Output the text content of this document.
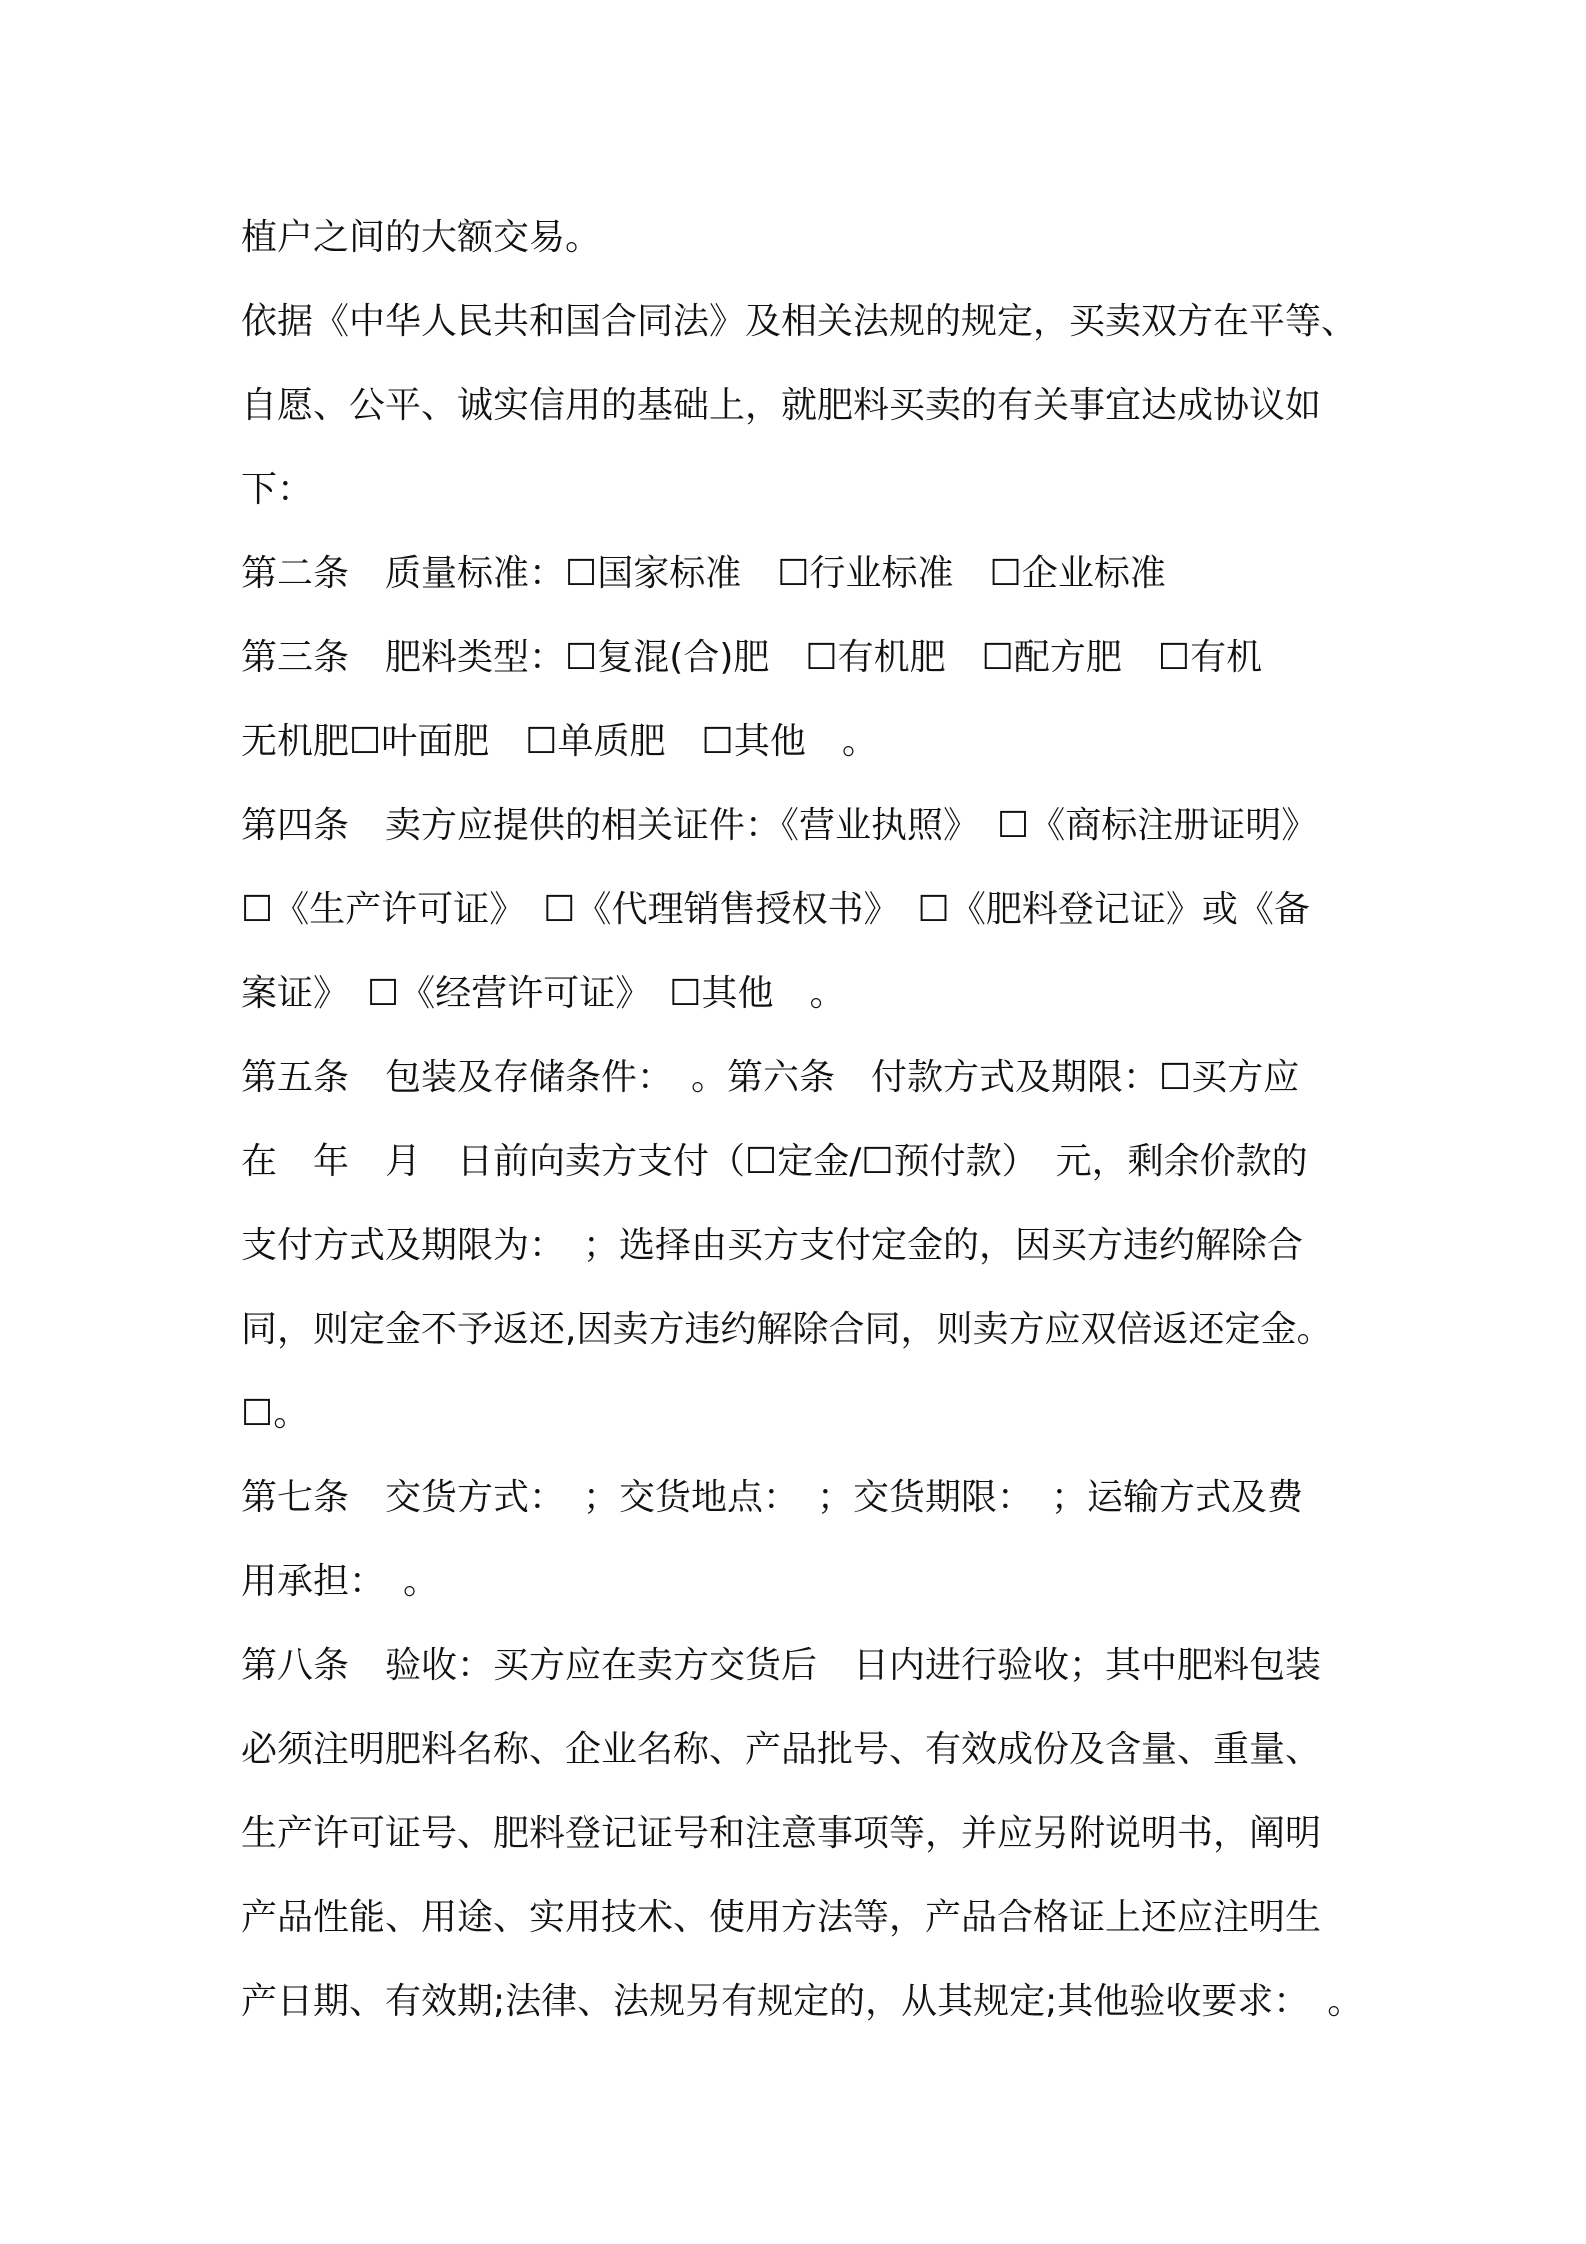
植户之间的大额交易。
依据《中华人民共和国合同法》及相关法规的规定，买卖双方在平等、
自愿、公平、诚实信用的基础上，就肥料买卖的有关事宜达成协议如
下：
第二条　质量标准：☐国家标准　☐行业标准　☐企业标准
第三条　肥料类型：☐复混(合)肥　☐有机肥　☐配方肥　☐有机
无机肥☐叶面肥　☐单质肥　☐其他　。
第四条　卖方应提供的相关证件：《营业执照》　☐《商标注册证明》
☐《生产许可证》　☐《代理销售授权书》　☐《肥料登记证》或《备
案证》　☐《经营许可证》　☐其他　。
第五条　包装及存储条件：　。第六条　付款方式及期限：☐买方应
在　年　月　日前向卖方支付（☐定金/☐预付款）　元，剩余价款的
支付方式及期限为：　；选择由买方支付定金的，因买方违约解除合
同，则定金不予返还,因卖方违约解除合同，则卖方应双倍返还定金。
☐。
第七条　交货方式：　；交货地点：　；交货期限：　；运输方式及费
用承担：　。
第八条　验收：买方应在卖方交货后　日内进行验收；其中肥料包装
必须注明肥料名称、企业名称、产品批号、有效成份及含量、重量、
生产许可证号、肥料登记证号和注意事项等，并应另附说明书，阐明
产品性能、用途、实用技术、使用方法等，产品合格证上还应注明生
产日期、有效期;法律、法规另有规定的，从其规定;其他验收要求：　。
